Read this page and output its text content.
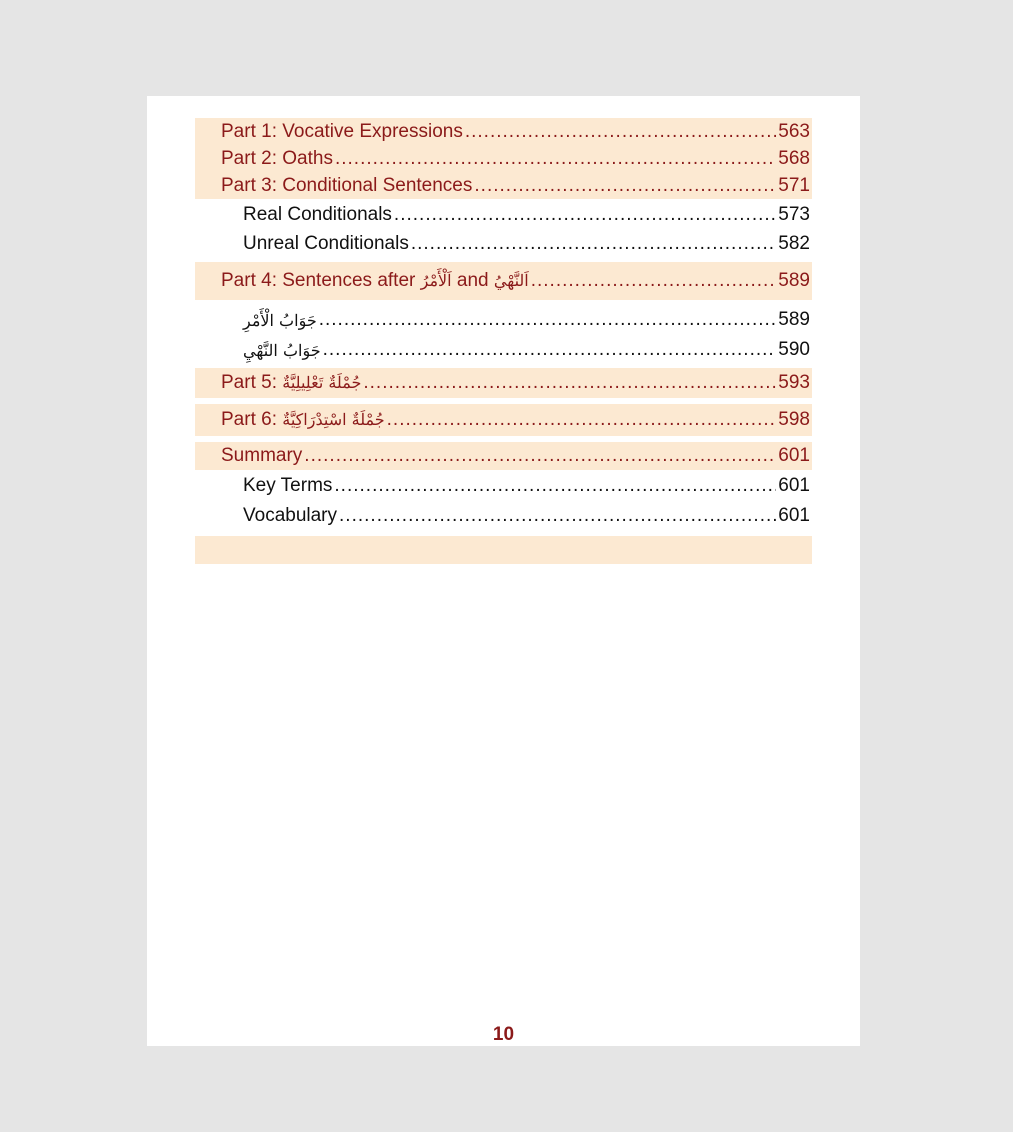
Part 1: Vocative Expressions .....	563
Part 2: Oaths .....	568
Part 3: Conditional Sentences .....	571
Real Conditionals .....	573
Unreal Conditionals .....	582
Part 4: Sentences after اَلْأَمْرُ and اَلنَّهْيُ .....	589
جَوَابُ الْأَمْرِ .....	589
جَوَابُ النَّهْيِ .....	590
Part 5: جُمْلَةٌ تَعْلِيلِيَّةٌ .....	593
Part 6: جُمْلَةٌ اسْتِدْرَاكِيَّةٌ .....	598
Summary .....	601
Key Terms .....	601
Vocabulary .....	601
10
